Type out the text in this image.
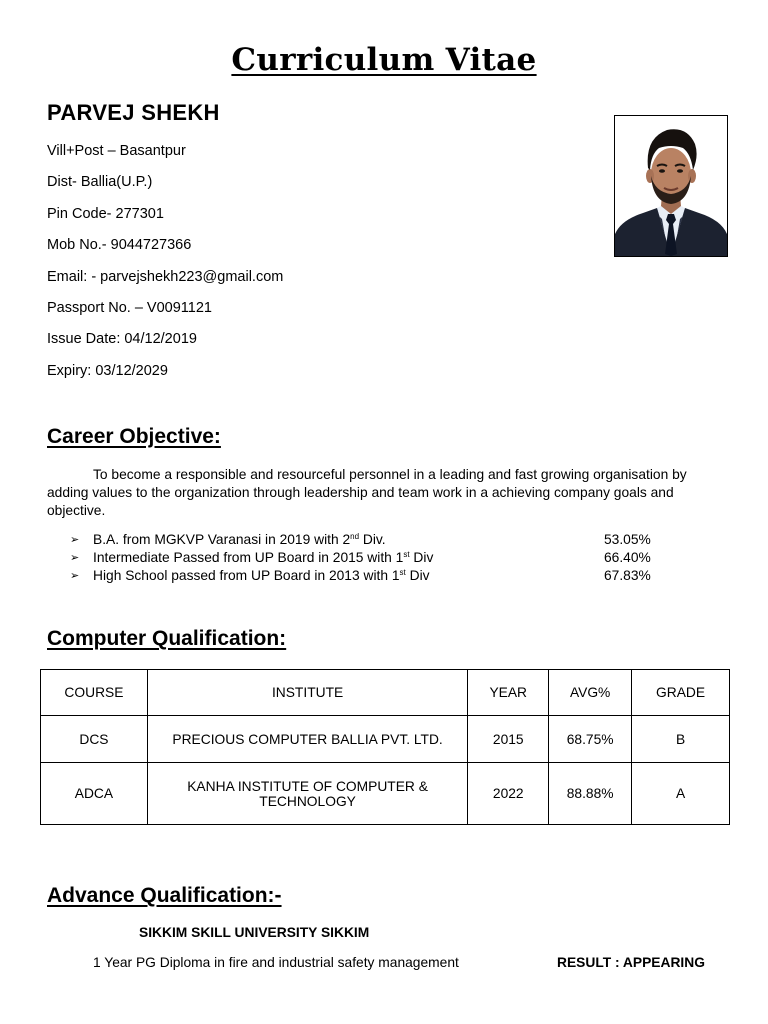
Curriculum Vitae
PARVEJ SHEKH
Vill+Post – Basantpur
Dist- Ballia(U.P.)
Pin Code- 277301
Mob No.- 9044727366
Email: - parvejshekh223@gmail.com
Passport No. – V0091121
Issue Date: 04/12/2019
Expiry: 03/12/2029
Career Objective:
To become a responsible and resourceful personnel in a leading and fast growing organisation by adding values to the organization through leadership and team work in a achieving company goals and objective.
➢ B.A. from MGKVP Varanasi in 2019 with 2nd Div.	53.05%
➢ Intermediate Passed from UP Board in 2015 with 1st Div	66.40%
➢ High School passed from UP Board in 2013 with 1st Div	67.83%
Computer Qualification:
COURSE	INSTITUTE	YEAR	AVG%	GRADE
DCS	PRECIOUS COMPUTER BALLIA PVT. LTD.	2015	68.75%	B
ADCA	KANHA INSTITUTE OF COMPUTER & TECHNOLOGY	2022	88.88%	A
Advance Qualification:-
SIKKIM SKILL UNIVERSITY SIKKIM
1 Year PG Diploma in fire and industrial safety management	RESULT : APPEARING
